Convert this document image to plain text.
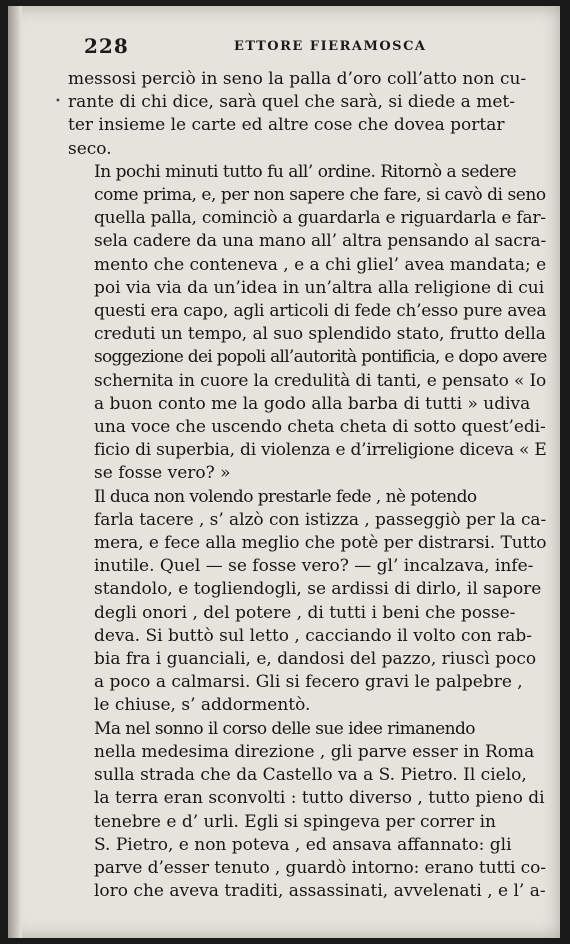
228	ETTORE FIERAMOSCA
•

messosi perciò in seno la palla d’oro coll’atto non cu-
rante di chi dice, sarà quel che sarà, si diede a met-
ter insieme le carte ed altre cose che dovea portar
seco.

In pochi minuti tutto fu all’ ordine. Ritornò a sedere
come prima, e, per non sapere che fare, si cavò di seno
quella palla, cominciò a guardarla e riguardarla e far-
sela cadere da una mano all’ altra pensando al sacra-
mento che conteneva , e a chi gliel’ avea mandata; e
poi via via da un’idea in un’altra alla religione di cui
questi era capo, agli articoli di fede ch’esso pure avea
creduti un tempo, al suo splendido stato, frutto della
soggezione dei popoli all’autorità pontificia, e dopo avere
schernita in cuore la credulità di tanti, e pensato « Io
a buon conto me la godo alla barba di tutti » udiva
una voce che uscendo cheta cheta di sotto quest’edi-
ficio di superbia, di violenza e d’irreligione diceva « E
se fosse vero? »

Il duca non volendo prestarle fede , nè potendo
farla tacere , s’ alzò con istizza , passeggiò per la ca-
mera, e fece alla meglio che potè per distrarsi. Tutto
inutile. Quel — se fosse vero? — gl’ incalzava, infe-
standolo, e togliendogli, se ardissi di dirlo, il sapore
degli onori , del potere , di tutti i beni che posse-
deva. Si buttò sul letto , cacciando il volto con rab-
bia fra i guanciali, e, dandosi del pazzo, riuscì poco
a poco a calmarsi. Gli si fecero gravi le palpebre ,
le chiuse, s’ addormentò.

Ma nel sonno il corso delle sue idee rimanendo
nella medesima direzione , gli parve esser in Roma
sulla strada che da Castello va a S. Pietro. Il cielo,
la terra eran sconvolti : tutto diverso , tutto pieno di
tenebre e d’ urli. Egli si spingeva per correr in
S. Pietro, e non poteva , ed ansava affannato: gli
parve d’esser tenuto , guardò intorno: erano tutti co-
loro che aveva traditi, assassinati, avvelenati , e l’ a-
